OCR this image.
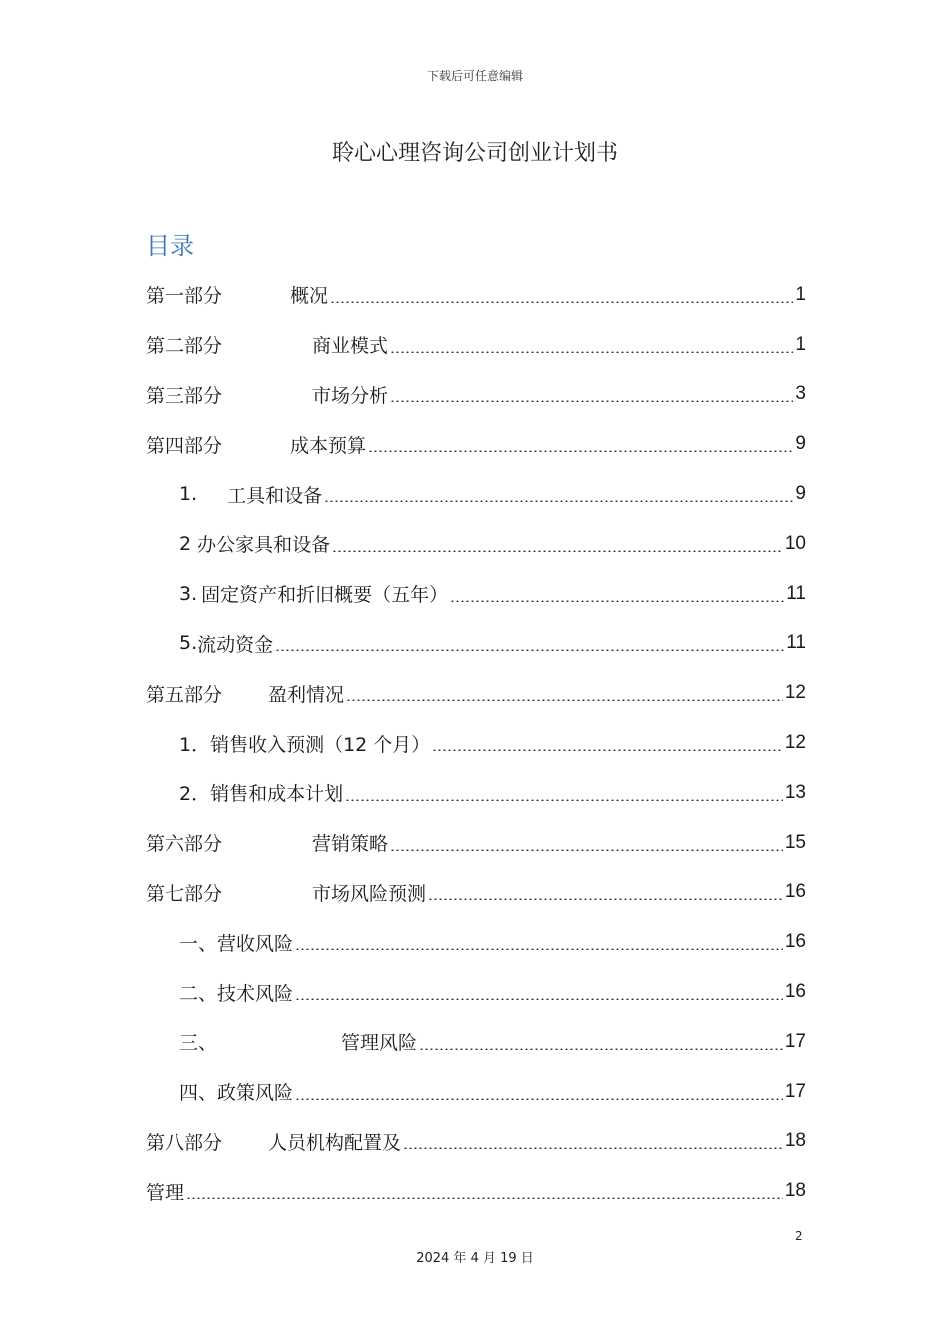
下载后可任意编辑
聆心心理咨询公司创业计划书
目录
第一部分	概况	1
第二部分	商业模式	1
第三部分	市场分析	3
第四部分	成本预算	9
1. 工具和设备	9
2 办公家具和设备	10
3. 固定资产和折旧概要（五年）	11
5. 流动资金	11
第五部分 盈利情况	12
1． 销售收入预测（12 个月）	12
2． 销售和成本计划	13
第六部分	营销策略	15
第七部分	市场风险预测	16
一、 营收风险	16
二、 技术风险	16
三、	管理风险	17
四、 政策风险	17
第八部分 人员机构配置及	18
管理	18
2
2024 年 4 月 19 日
